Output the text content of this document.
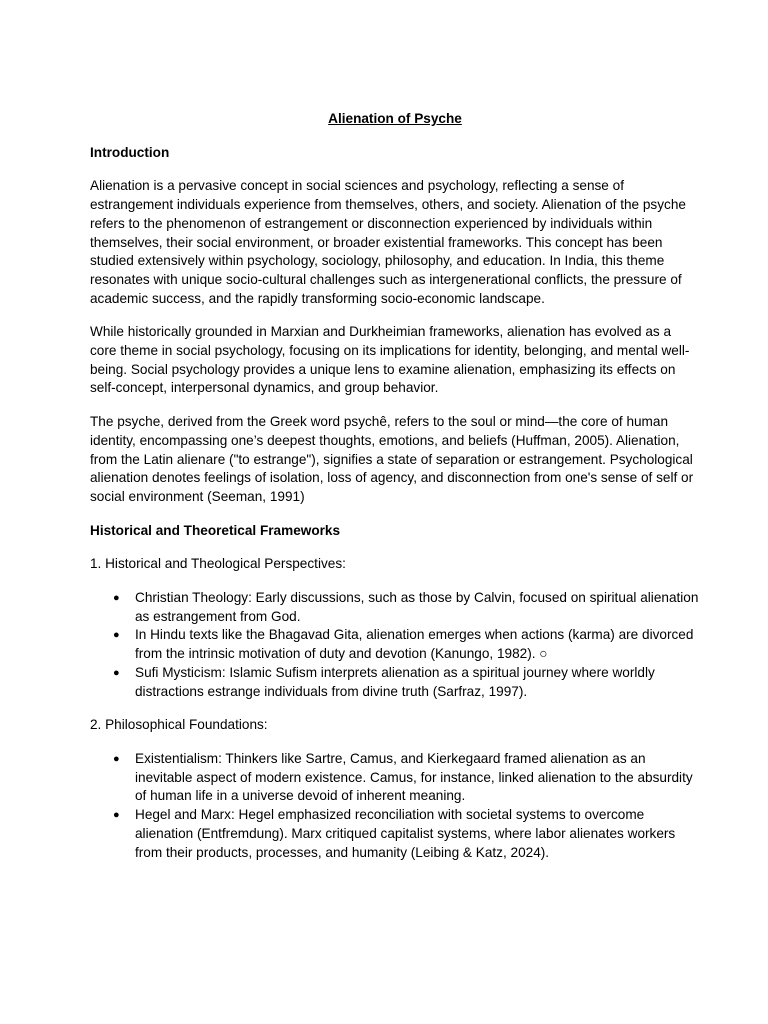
Alienation of Psyche
Introduction

Alienation is a pervasive concept in social sciences and psychology, reflecting a sense of estrangement individuals experience from themselves, others, and society. Alienation of the psyche refers to the phenomenon of estrangement or disconnection experienced by individuals within themselves, their social environment, or broader existential frameworks. This concept has been studied extensively within psychology, sociology, philosophy, and education. In India, this theme resonates with unique socio-cultural challenges such as intergenerational conflicts, the pressure of academic success, and the rapidly transforming socio-economic landscape.

While historically grounded in Marxian and Durkheimian frameworks, alienation has evolved as a core theme in social psychology, focusing on its implications for identity, belonging, and mental well-being. Social psychology provides a unique lens to examine alienation, emphasizing its effects on self-concept, interpersonal dynamics, and group behavior.

The psyche, derived from the Greek word psychê, refers to the soul or mind—the core of human identity, encompassing one’s deepest thoughts, emotions, and beliefs (Huffman, 2005). Alienation, from the Latin alienare ("to estrange"), signifies a state of separation or estrangement. Psychological alienation denotes feelings of isolation, loss of agency, and disconnection from one's sense of self or social environment (Seeman, 1991)

Historical and Theoretical Frameworks
1. Historical and Theological Perspectives:
● Christian Theology: Early discussions, such as those by Calvin, focused on spiritual alienation as estrangement from God.
● In Hindu texts like the Bhagavad Gita, alienation emerges when actions (karma) are divorced from the intrinsic motivation of duty and devotion (Kanungo, 1982). ○
● Sufi Mysticism: Islamic Sufism interprets alienation as a spiritual journey where worldly distractions estrange individuals from divine truth (Sarfraz, 1997).
2. Philosophical Foundations:
● Existentialism: Thinkers like Sartre, Camus, and Kierkegaard framed alienation as an inevitable aspect of modern existence. Camus, for instance, linked alienation to the absurdity of human life in a universe devoid of inherent meaning.
● Hegel and Marx: Hegel emphasized reconciliation with societal systems to overcome alienation (Entfremdung). Marx critiqued capitalist systems, where labor alienates workers from their products, processes, and humanity (Leibing & Katz, 2024).
